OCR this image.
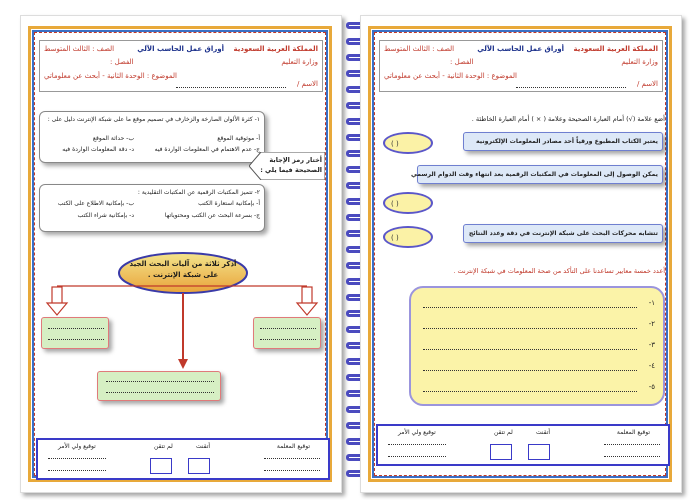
المملكة العربية السعودية
وزارة التعليم
أوراق عمل الحاسب الآلي
الصف : الثالث المتوسط
الفصل :
الموضوع : الوحدة الثانية - أبحث عن معلوماتي
الاسم /
١- كثرة الألوان الصارخة والزخارف في تصميم موقع ما على شبكة الإنترنت دليل على :
أ- موثوقية الموقع
ب- حداثة الموقع
ج- عدم الاهتمام في المعلومات الواردة فيه
د- دقة المعلومات الواردة فيه
أختار رمز الإجابة الصحيحة فيما يلي :
٢- تتميز المكتبات الرقمية عن المكتبات التقليدية :
أ- بإمكانية استعارة الكتب
ب- بإمكانية الاطلاع على الكتب
ج- بسرعة البحث عن الكتب ومحتوياتها
د- بإمكانية شراء الكتب
أذكر ثلاثة من آليات البحث الجيد على شبكة الإنترنت .
توقيع المعلمة
أتقنت
لم تتقن
توقيع ولي الأمر
المملكة العربية السعودية
وزارة التعليم
أوراق عمل الحاسب الآلي
الصف : الثالث المتوسط
الفصل :
الموضوع : الوحدة الثانية - أبحث عن معلوماتي
الاسم /
أضع علامة (√) أمام العبارة الصحيحة وعلامة ( × ) أمام العبارة الخاطئة .
( )	يعتبر الكتاب المطبوع ورقياً أحد مصادر المعلومات الإلكترونية
يمكن الوصول إلى المعلومات في المكتبات الرقمية بعد انتهاء وقت الدوام الرسمي
( )
( )
تتشابه محركات البحث على شبكة الإنترنت في دقة وعدد النتائج
أعدد خمسة معايير تساعدنا على التأكد من صحة المعلومات في شبكة الإنترنت .
-١
-٢
-٣
-٤
-٥
توقيع المعلمة
أتقنت
لم تتقن
توقيع ولي الأمر
